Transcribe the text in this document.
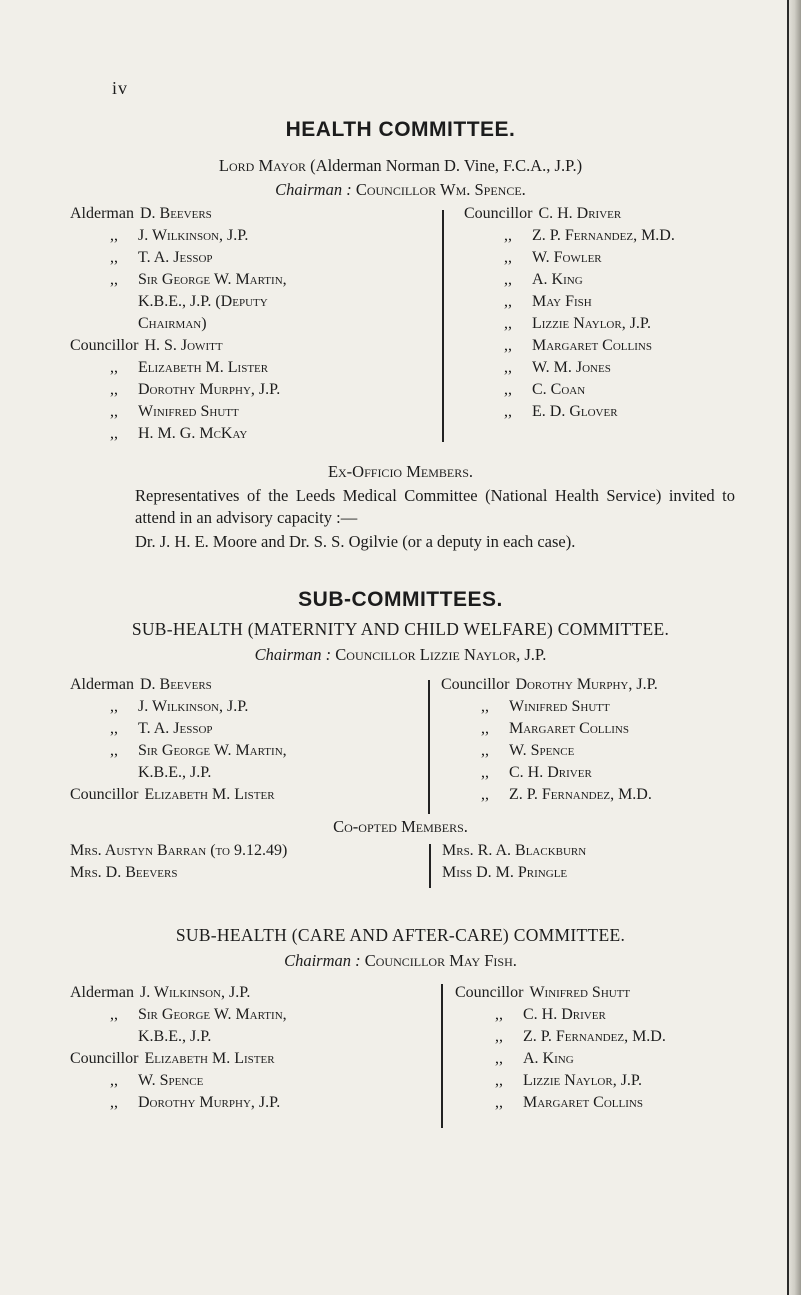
iv
HEALTH COMMITTEE.
Lord Mayor (Alderman Norman D. Vine, F.C.A., J.P.)
Chairman : Councillor Wm. Spence.
Alderman D. Beevers
,, J. Wilkinson, J.P.
,, T. A. Jessop
,, Sir George W. Martin,
K.B.E., J.P. (Deputy
Chairman)
Councillor H. S. Jowitt
,, Elizabeth M. Lister
,, Dorothy Murphy, J.P.
,, Winifred Shutt
,, H. M. G. McKay
Councillor C. H. Driver
,, Z. P. Fernandez, M.D.
,, W. Fowler
,, A. King
,, May Fish
,, Lizzie Naylor, J.P.
,, Margaret Collins
,, W. M. Jones
,, C. Coan
,, E. D. Glover
Ex-Officio Members.
Representatives of the Leeds Medical Committee (National Health Service) invited to attend in an advisory capacity :—
Dr. J. H. E. Moore and Dr. S. S. Ogilvie (or a deputy in each case).
SUB-COMMITTEES.
SUB-HEALTH (MATERNITY AND CHILD WELFARE) COMMITTEE.
Chairman : Councillor Lizzie Naylor, J.P.
Alderman D. Beevers
,, J. Wilkinson, J.P.
,, T. A. Jessop
,, Sir George W. Martin,
K.B.E., J.P.
Councillor Elizabeth M. Lister
Councillor Dorothy Murphy, J.P.
,, Winifred Shutt
,, Margaret Collins
,, W. Spence
,, C. H. Driver
,, Z. P. Fernandez, M.D.
Co-opted Members.
Mrs. Austyn Barran (to 9.12.49)
Mrs. D. Beevers
Mrs. R. A. Blackburn
Miss D. M. Pringle
SUB-HEALTH (CARE AND AFTER-CARE) COMMITTEE.
Chairman : Councillor May Fish.
Alderman J. Wilkinson, J.P.
,, Sir George W. Martin,
K.B.E., J.P.
Councillor Elizabeth M. Lister
,, W. Spence
,, Dorothy Murphy, J.P.
Councillor Winifred Shutt
,, C. H. Driver
,, Z. P. Fernandez, M.D.
,, A. King
,, Lizzie Naylor, J.P.
,, Margaret Collins
